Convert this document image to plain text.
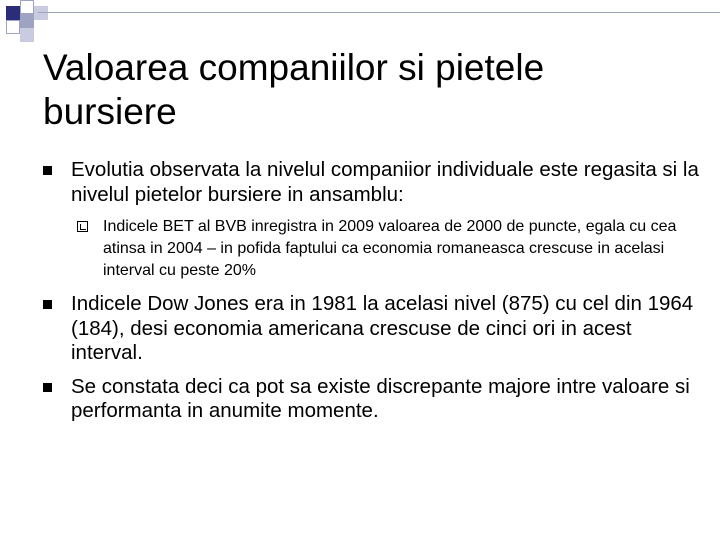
Valoarea companiilor si pietele bursiere
Evolutia observata la nivelul companiior individuale este regasita si la nivelul pietelor bursiere in ansamblu:
Indicele BET al BVB inregistra in 2009 valoarea de 2000 de puncte, egala cu cea atinsa in 2004 – in pofida faptului ca economia romaneasca crescuse in acelasi interval cu peste 20%
Indicele Dow Jones era in 1981 la acelasi nivel (875) cu cel din 1964 (184), desi economia americana crescuse de cinci ori in acest interval.
Se constata deci ca pot sa existe discrepante majore intre valoare si performanta in anumite momente.
